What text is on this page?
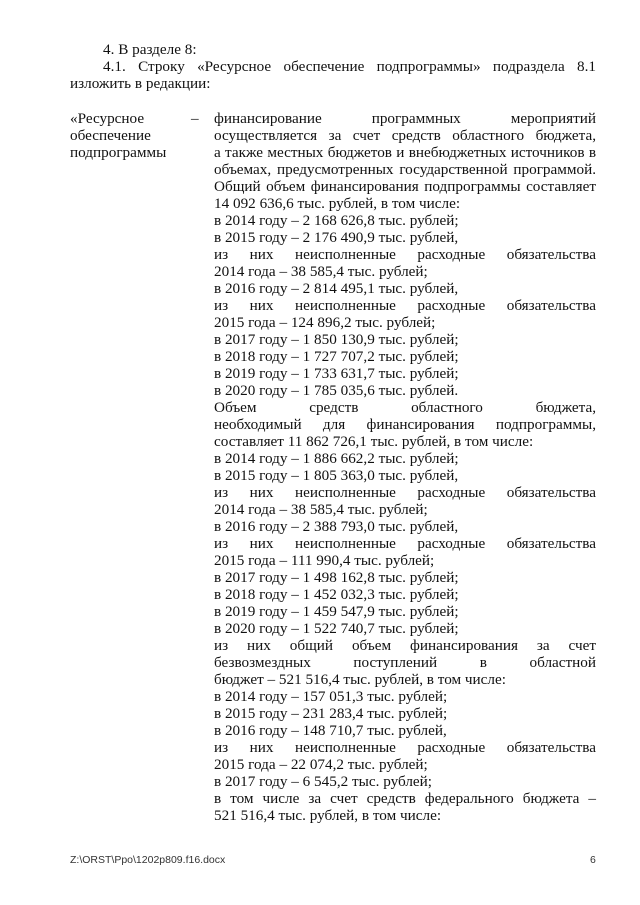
4. В разделе 8:
4.1. Строку «Ресурсное обеспечение подпрограммы» подраздела 8.1
изложить в редакции:
«Ресурсное	–
обеспечение
подпрограммы
финансирование программных мероприятий
осуществляется за счет средств областного бюджета,
а также местных бюджетов и внебюджетных источников в
объемах, предусмотренных государственной программой.
Общий объем финансирования подпрограммы составляет
14 092 636,6 тыс. рублей, в том числе:
в 2014 году – 2 168 626,8 тыс. рублей;
в 2015 году – 2 176 490,9 тыс. рублей,
из них неисполненные расходные обязательства
2014 года – 38 585,4 тыс. рублей;
в 2016 году – 2 814 495,1 тыс. рублей,
из них неисполненные расходные обязательства
2015 года – 124 896,2 тыс. рублей;
в 2017 году – 1 850 130,9 тыс. рублей;
в 2018 году – 1 727 707,2 тыс. рублей;
в 2019 году – 1 733 631,7 тыс. рублей;
в 2020 году – 1 785 035,6 тыс. рублей.
Объем средств областного бюджета,
необходимый для финансирования подпрограммы,
составляет 11 862 726,1 тыс. рублей, в том числе:
в 2014 году – 1 886 662,2 тыс. рублей;
в 2015 году – 1 805 363,0 тыс. рублей,
из них неисполненные расходные обязательства
2014 года – 38 585,4 тыс. рублей;
в 2016 году – 2 388 793,0 тыс. рублей,
из них неисполненные расходные обязательства
2015 года – 111 990,4 тыс. рублей;
в 2017 году – 1 498 162,8 тыс. рублей;
в 2018 году – 1 452 032,3 тыс. рублей;
в 2019 году – 1 459 547,9 тыс. рублей;
в 2020 году – 1 522 740,7 тыс. рублей;
из них общий объем финансирования за счет
безвозмездных поступлений в областной
бюджет – 521 516,4 тыс. рублей, в том числе:
в 2014 году – 157 051,3 тыс. рублей;
в 2015 году – 231 283,4 тыс. рублей;
в 2016 году – 148 710,7 тыс. рублей,
из них неисполненные расходные обязательства
2015 года – 22 074,2 тыс. рублей;
в 2017 году – 6 545,2 тыс. рублей;
в том числе за счет средств федерального бюджета –
521 516,4 тыс. рублей, в том числе:
Z:\ORST\Ppo\1202p809.f16.docx	6
